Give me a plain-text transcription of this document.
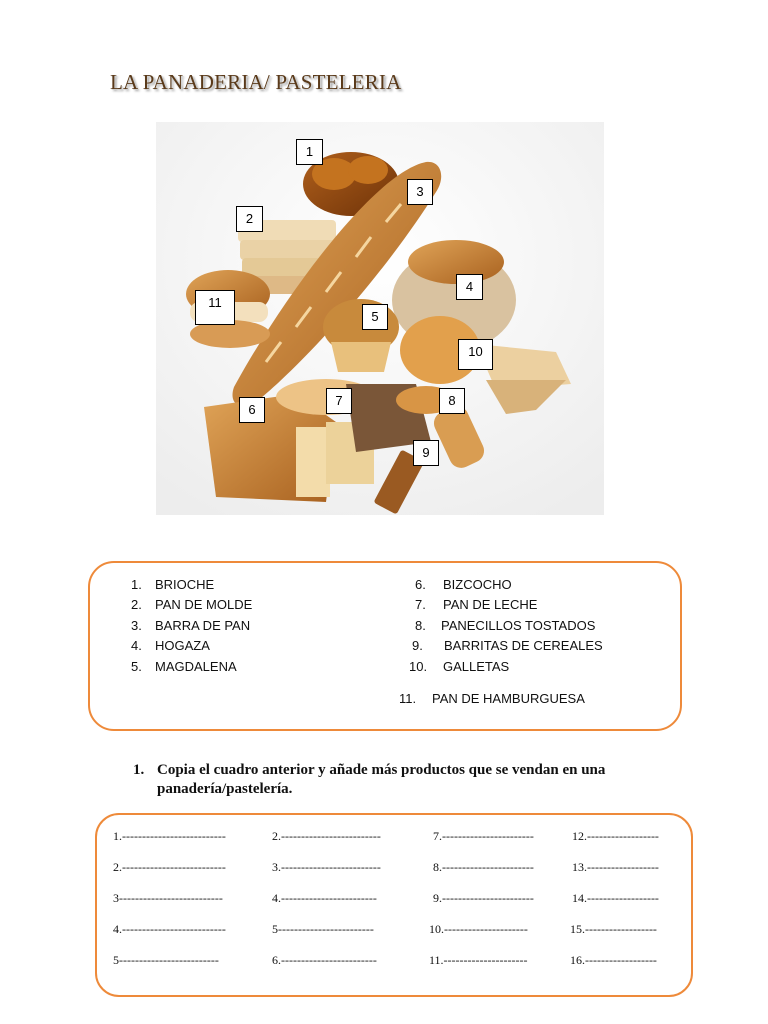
LA PANADERIA/ PASTELERIA
1
2
3
4
5
6
7	8
9
10
11
1. BRIOCHE
2. PAN DE MOLDE
3. BARRA DE PAN
4. HOGAZA
5. MAGDALENA
6. BIZCOCHO
7. PAN DE LECHE
8. PANECILLOS TOSTADOS
9. BARRITAS DE CEREALES
10. GALLETAS
11. PAN DE HAMBURGUESA
1. Copia el cuadro anterior y añade más productos que se vendan en una panadería/pastelería.
1.--------------------------
2.--------------------------
3--------------------------
4.--------------------------
5-------------------------
2.-------------------------
3.-------------------------
4.------------------------
5------------------------
6.------------------------
7.-----------------------
8.-----------------------
9.-----------------------
10.---------------------
11.---------------------
12.------------------
13.------------------
14.------------------
15.------------------
16.------------------
